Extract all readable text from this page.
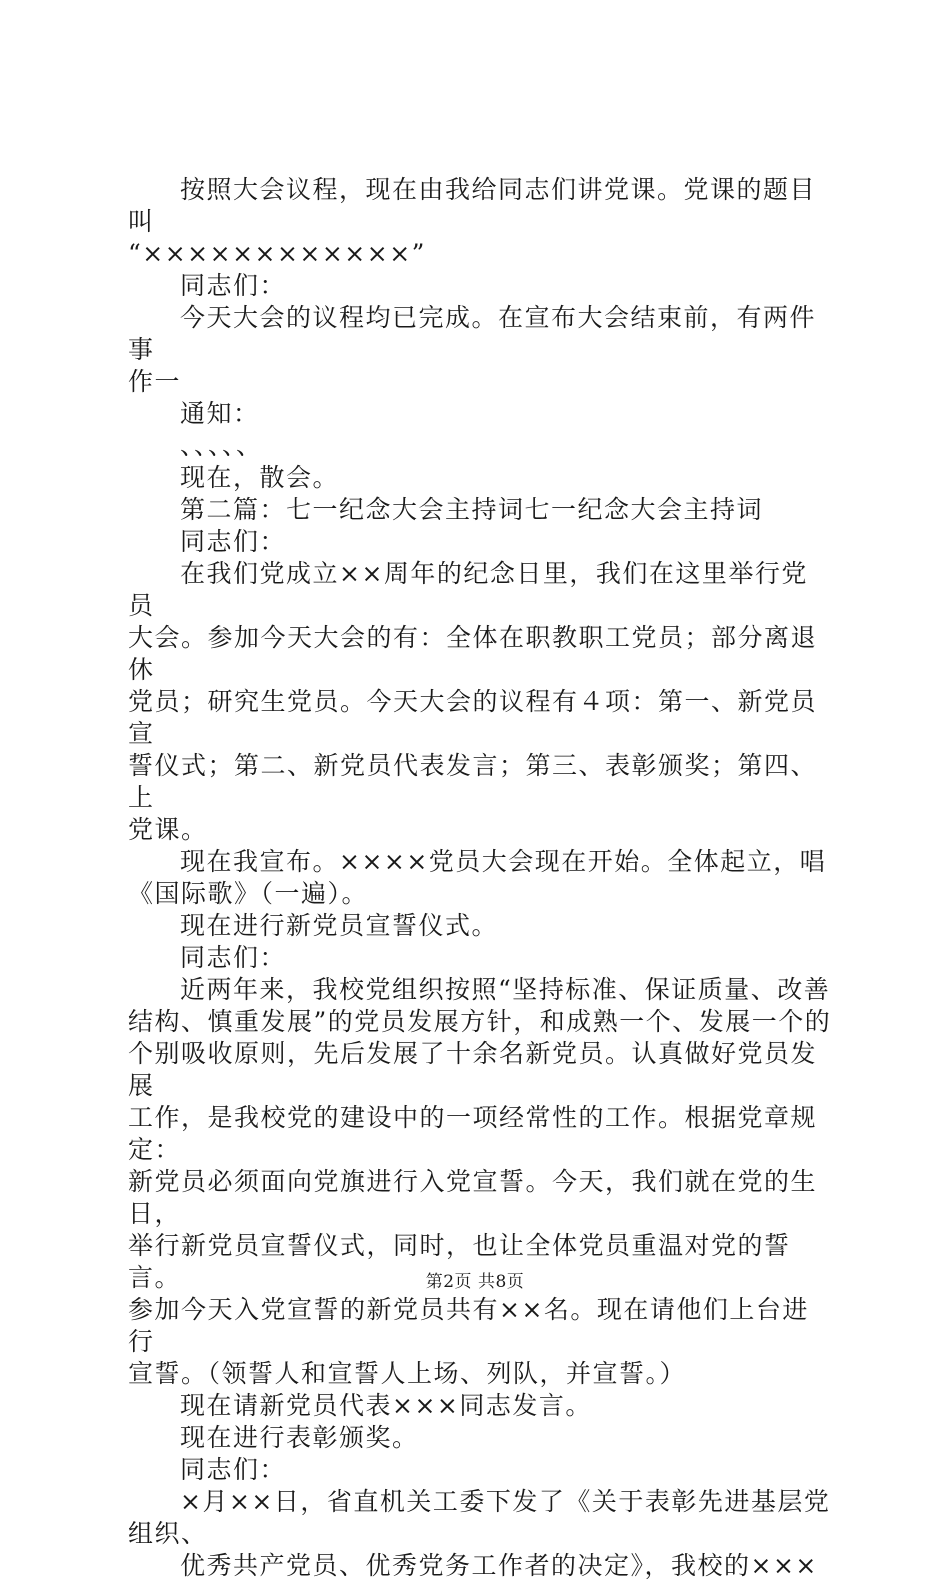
按照大会议程，现在由我给同志们讲党课。党课的题目叫

“××××××××××××”

同志们：

今天大会的议程均已完成。在宣布大会结束前，有两件事

作一

通知：

、、、、、

现在，散会。

第二篇：七一纪念大会主持词七一纪念大会主持词

同志们：

在我们党成立××周年的纪念日里，我们在这里举行党员

大会。参加今天大会的有：全体在职教职工党员；部分离退休

党员；研究生党员。今天大会的议程有４项：第一、新党员宣

誓仪式；第二、新党员代表发言；第三、表彰颁奖；第四、上

党课。

现在我宣布。××××党员大会现在开始。全体起立，唱

《国际歌》（一遍）。

现在进行新党员宣誓仪式。

同志们：

近两年来，我校党组织按照“坚持标准、保证质量、改善

结构、慎重发展”的党员发展方针，和成熟一个、发展一个的

个别吸收原则，先后发展了十余名新党员。认真做好党员发展

工作，是我校党的建设中的一项经常性的工作。根据党章规定：

新党员必须面向党旗进行入党宣誓。今天，我们就在党的生日，

举行新党员宣誓仪式，同时，也让全体党员重温对党的誓言。

参加今天入党宣誓的新党员共有××名。现在请他们上台进行

宣誓。（领誓人和宣誓人上场、列队，并宣誓。）

现在请新党员代表×××同志发言。

现在进行表彰颁奖。

同志们：

×月××日，省直机关工委下发了《关于表彰先进基层党

组织、

优秀共产党员、优秀党务工作者的决定》，我校的×××

第2页 共8页
